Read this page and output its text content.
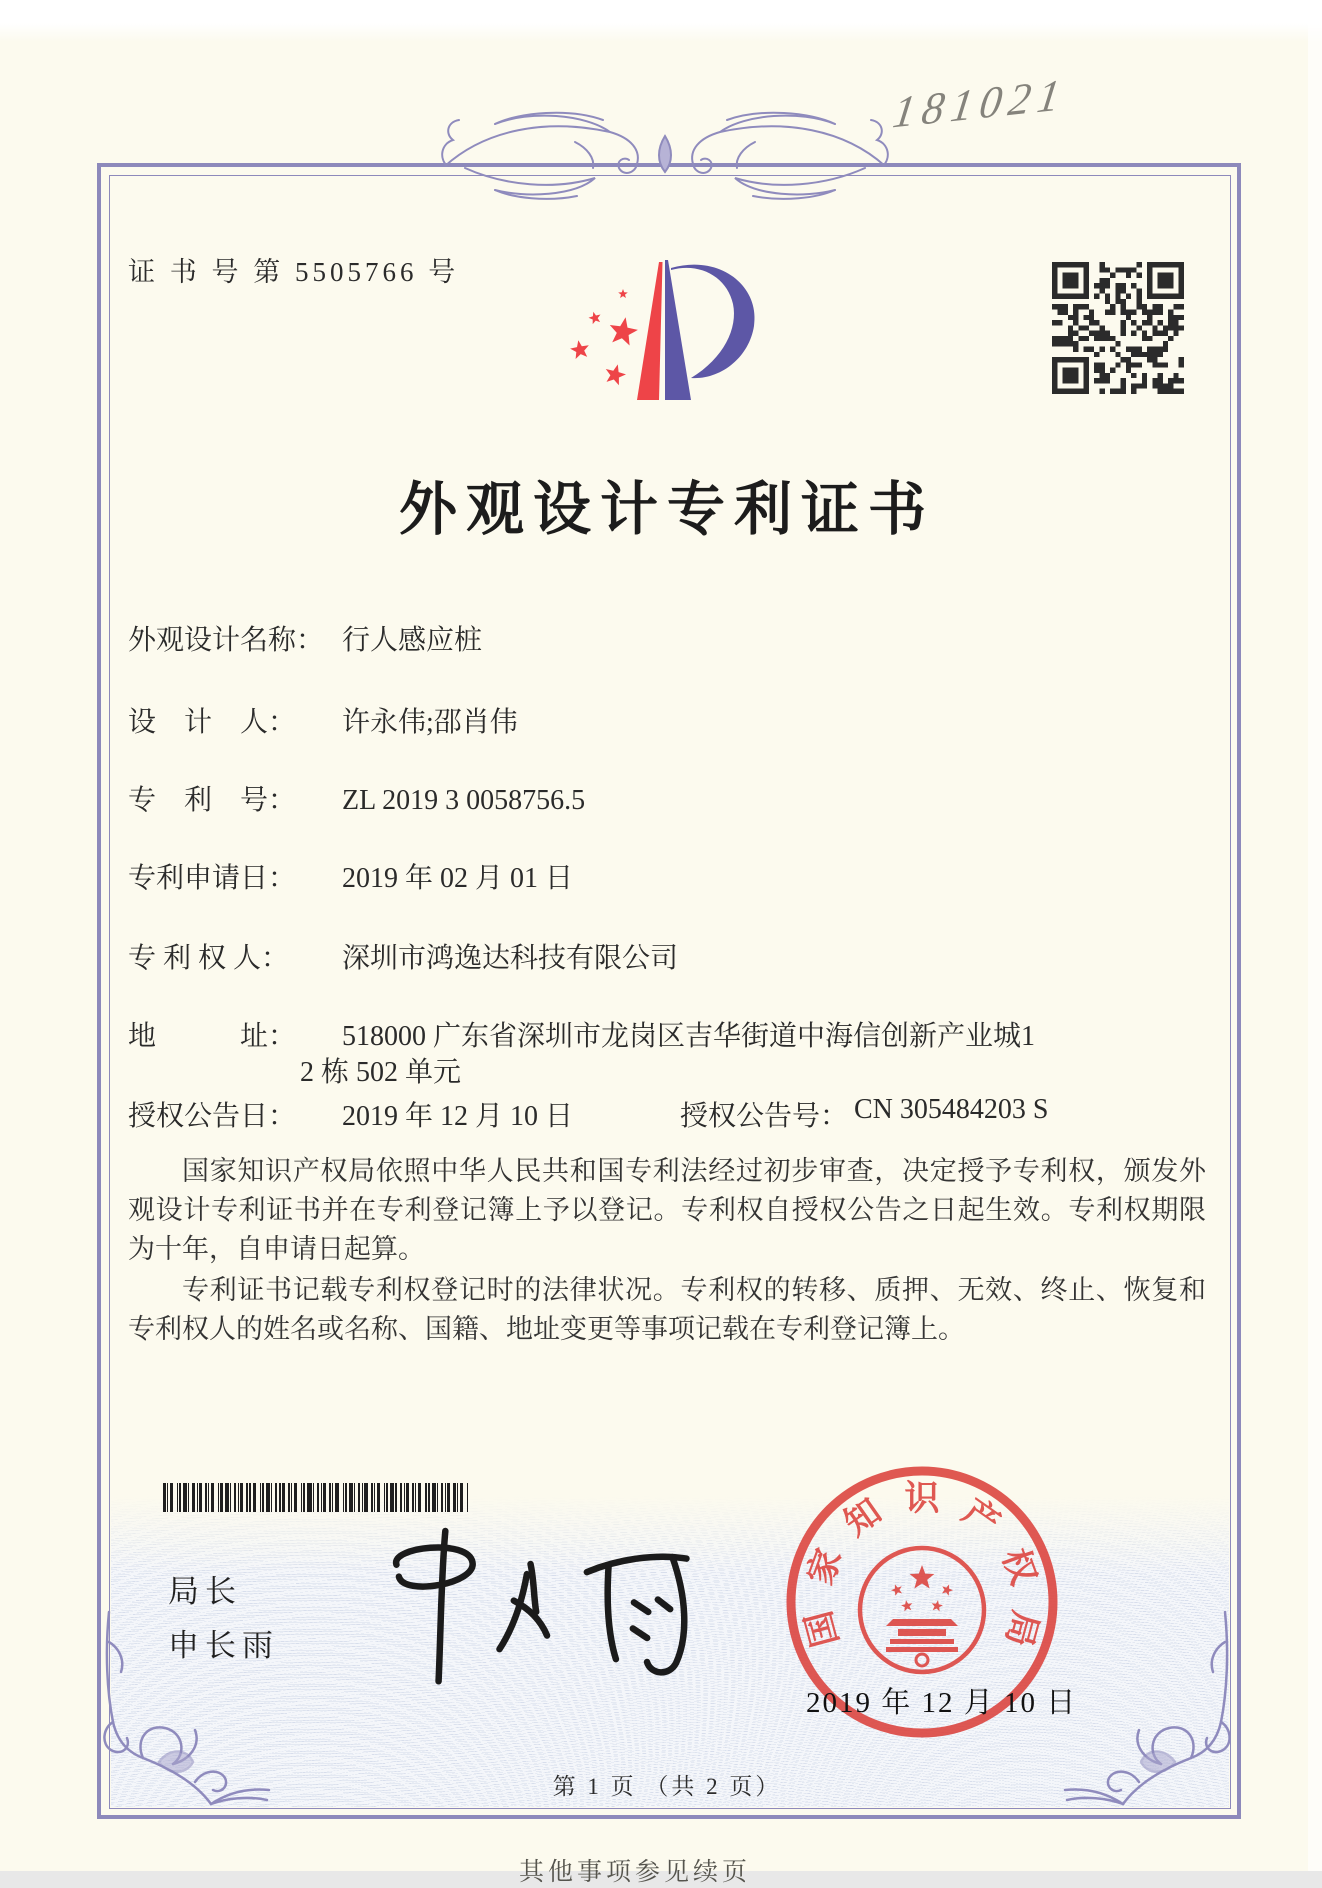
181021
证 书 号 第 5505766 号
外观设计专利证书
外观设计名称： 行人感应桩
设　计　人： 许永伟;邵肖伟
专　利　号： ZL 2019 3 0058756.5
专利申请日： 2019 年 02 月 01 日
专 利 权 人： 深圳市鸿逸达科技有限公司
地　　　址： 518000 广东省深圳市龙岗区吉华街道中海信创新产业城1
2 栋 502 单元
授权公告日： 2019 年 12 月 10 日	授权公告号： CN 305484203 S

国家知识产权局依照中华人民共和国专利法经过初步审查，决定授予专利权，颁发外观设计专利证书并在专利登记簿上予以登记。专利权自授权公告之日起生效。专利权期限为十年，自申请日起算。

专利证书记载专利权登记时的法律状况。专利权的转移、质押、无效、终止、恢复和专利权人的姓名或名称、国籍、地址变更等事项记载在专利登记簿上。

局长
申长雨	国
家
知 识 产
权
局
2019 年 12 月 10 日
第 1 页 （共 2 页）
其他事项参见续页
